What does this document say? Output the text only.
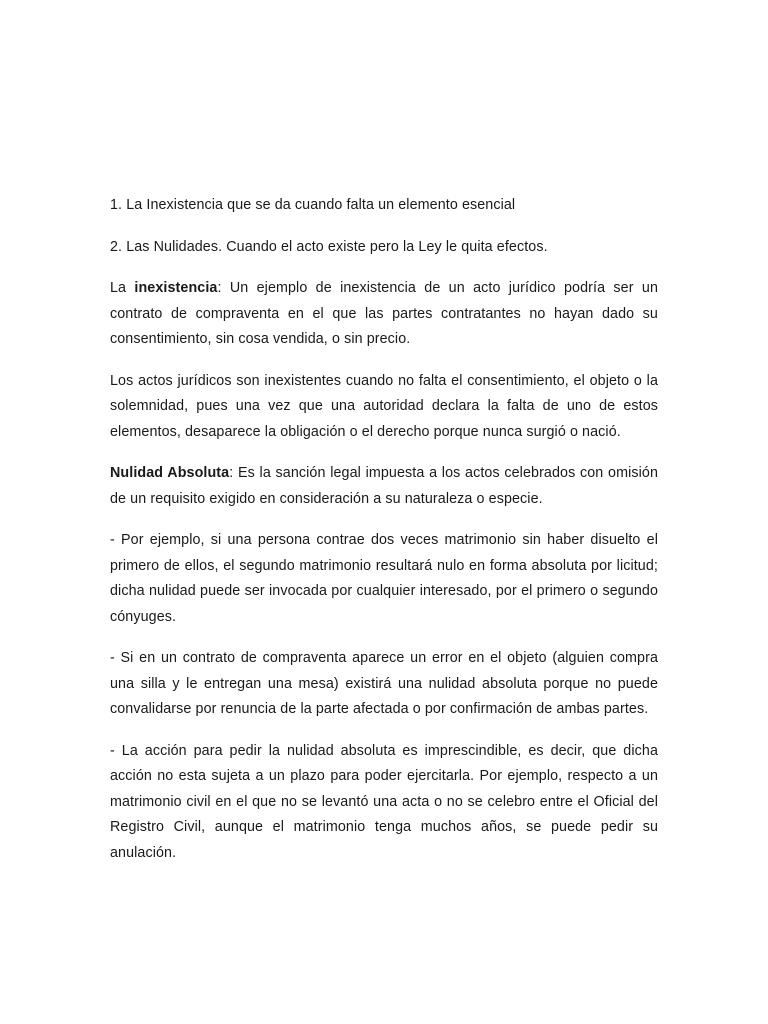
1. La Inexistencia que se da cuando falta un elemento esencial

2. Las Nulidades. Cuando el acto existe pero la Ley le quita efectos.

La inexistencia: Un ejemplo de inexistencia de un acto jurídico podría ser un contrato de compraventa en el que las partes contratantes no hayan dado su consentimiento, sin cosa vendida, o sin precio.

Los actos jurídicos son inexistentes cuando no falta el consentimiento, el objeto o la solemnidad, pues una vez que una autoridad declara la falta de uno de estos elementos, desaparece la obligación o el derecho porque nunca surgió o nació.

Nulidad Absoluta: Es la sanción legal impuesta a los actos celebrados con omisión de un requisito exigido en consideración a su naturaleza o especie.

- Por ejemplo, si una persona contrae dos veces matrimonio sin haber disuelto el primero de ellos, el segundo matrimonio resultará nulo en forma absoluta por licitud; dicha nulidad puede ser invocada por cualquier interesado, por el primero o segundo cónyuges.

- Si en un contrato de compraventa aparece un error en el objeto (alguien compra una silla y le entregan una mesa) existirá una nulidad absoluta porque no puede convalidarse por renuncia de la parte afectada o por confirmación de ambas partes.

- La acción para pedir la nulidad absoluta es imprescindible, es decir, que dicha acción no esta sujeta a un plazo para poder ejercitarla. Por ejemplo, respecto a un matrimonio civil en el que no se levantó una acta o no se celebro entre el Oficial del Registro Civil, aunque el matrimonio tenga muchos años, se puede pedir su anulación.
